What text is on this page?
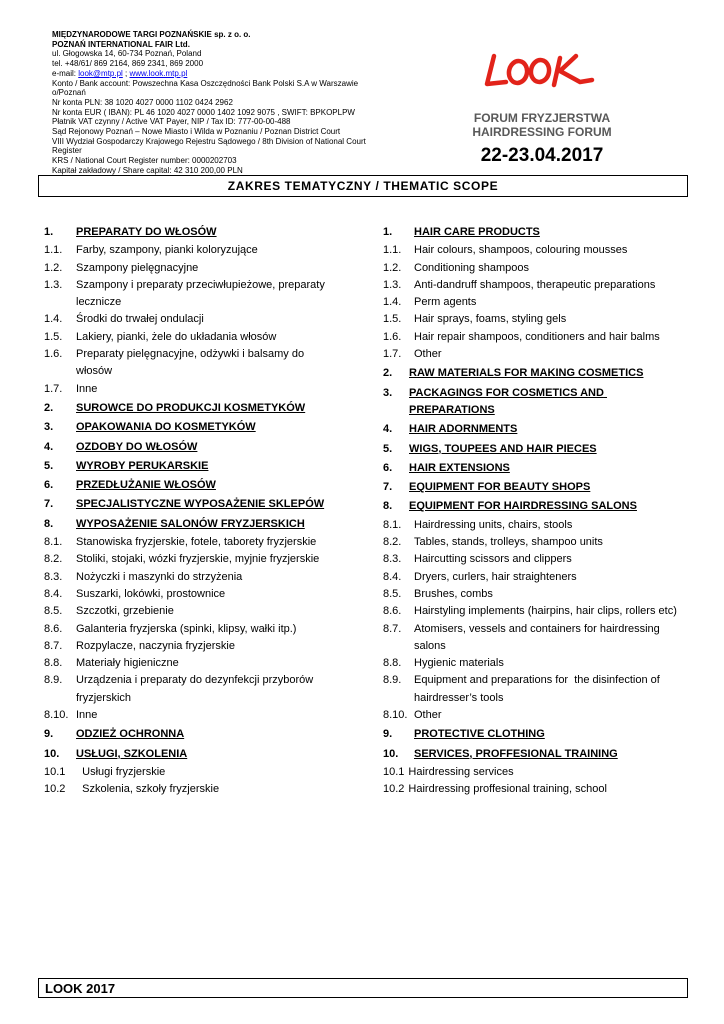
MIĘDZYNARODOWE TARGI POZNAŃSKIE sp. z o. o.
POZNAŃ INTERNATIONAL FAIR Ltd.
ul. Głogowska 14, 60-734 Poznań, Poland
tel. +48/61/ 869 2164, 869 2341, 869 2000
e-mail: look@mtp.pl ; www.look.mtp.pl
Konto / Bank account: Powszechna Kasa Oszczędności Bank Polski S.A w Warszawie o/Poznań
Nr konta PLN: 38 1020 4027 0000 1102 0424 2962
Nr konta EUR ( IBAN): PL 46 1020 4027 0000 1402 1092 9075 , SWIFT: BPKOPLPW
Płatnik VAT czynny / Active VAT Payer, NIP / Tax ID: 777-00-00-488
Sąd Rejonowy Poznań – Nowe Miasto i Wilda w Poznaniu / Poznan District Court
VIII Wydział Gospodarczy Krajowego Rejestru Sądowego / 8th Division of National Court Register
KRS / National Court Register number: 0000202703
Kapitał zakładowy / Share capital: 42 310 200,00 PLN
FORUM FRYZJERSTWA
HAIRDRESSING FORUM
22-23.04.2017
ZAKRES TEMATYCZNY / THEMATIC SCOPE
1.	PREPARATY DO WŁOSÓW
1.1.	Farby, szampony, pianki koloryzujące
1.2.	Szampony pielęgnacyjne
1.3.	Szampony i preparaty przeciwłupieżowe, preparaty lecznicze
1.4.	Środki do trwałej ondulacji
1.5.	Lakiery, pianki, żele do układania włosów
1.6.	Preparaty pielęgnacyjne, odżywki i balsamy do włosów
1.7.	Inne
2.	SUROWCE DO PRODUKCJI KOSMETYKÓW
3.	OPAKOWANIA DO KOSMETYKÓW
4.	OZDOBY DO WŁOSÓW
5.	WYROBY PERUKARSKIE
6.	PRZEDŁUŻANIE WŁOSÓW
7.	SPECJALISTYCZNE WYPOSAŻENIE SKLEPÓW
8.	WYPOSAŻENIE SALONÓW FRYZJERSKICH
8.1.	Stanowiska fryzjerskie, fotele, taborety fryzjerskie
8.2.	Stoliki, stojaki, wózki fryzjerskie, myjnie fryzjerskie
8.3.	Nożyczki i maszynki do strzyżenia
8.4.	Suszarki, lokówki, prostownice
8.5.	Szczotki, grzebienie
8.6.	Galanteria fryzjerska (spinki, klipsy, wałki itp.)
8.7.	Rozpylacze, naczynia fryzjerskie
8.8.	Materiały higieniczne
8.9.	Urządzenia i preparaty do dezynfekcji przyborów fryzjerskich
8.10. Inne
9.	ODZIEŻ OCHRONNA
10.	USŁUGI, SZKOLENIA
10.1 Usługi fryzjerskie
10.2 Szkolenia, szkoły fryzjerskie
1.	HAIR CARE PRODUCTS
1.1.	Hair colours, shampoos, colouring mousses
1.2.	Conditioning shampoos
1.3.	Anti-dandruff shampoos, therapeutic preparations
1.4.	Perm agents
1.5.	Hair sprays, foams, styling gels
1.6.	Hair repair shampoos, conditioners and hair balms
1.7.	Other
2.	RAW MATERIALS FOR MAKING COSMETICS
3.	PACKAGINGS FOR COSMETICS AND PREPARATIONS
4.	HAIR ADORNMENTS
5.	WIGS, TOUPEES AND HAIR PIECES
6.	HAIR EXTENSIONS
7.	EQUIPMENT FOR BEAUTY SHOPS
8.	EQUIPMENT FOR HAIRDRESSING SALONS
8.1.	Hairdressing units, chairs, stools
8.2.	Tables, stands, trolleys, shampoo units
8.3.	Haircutting scissors and clippers
8.4.	Dryers, curlers, hair straighteners
8.5.	Brushes, combs
8.6.	Hairstyling implements (hairpins, hair clips, rollers etc)
8.7.	Atomisers, vessels and containers for hairdressing salons
8.8.	Hygienic materials
8.9.	Equipment and preparations for  the disinfection of hairdresser’s tools
8.10. Other
9.	PROTECTIVE CLOTHING
10.	SERVICES, PROFFESIONAL TRAINING
10.1 Hairdressing services
10.2 Hairdressing proffesional training, school
LOOK 2017
